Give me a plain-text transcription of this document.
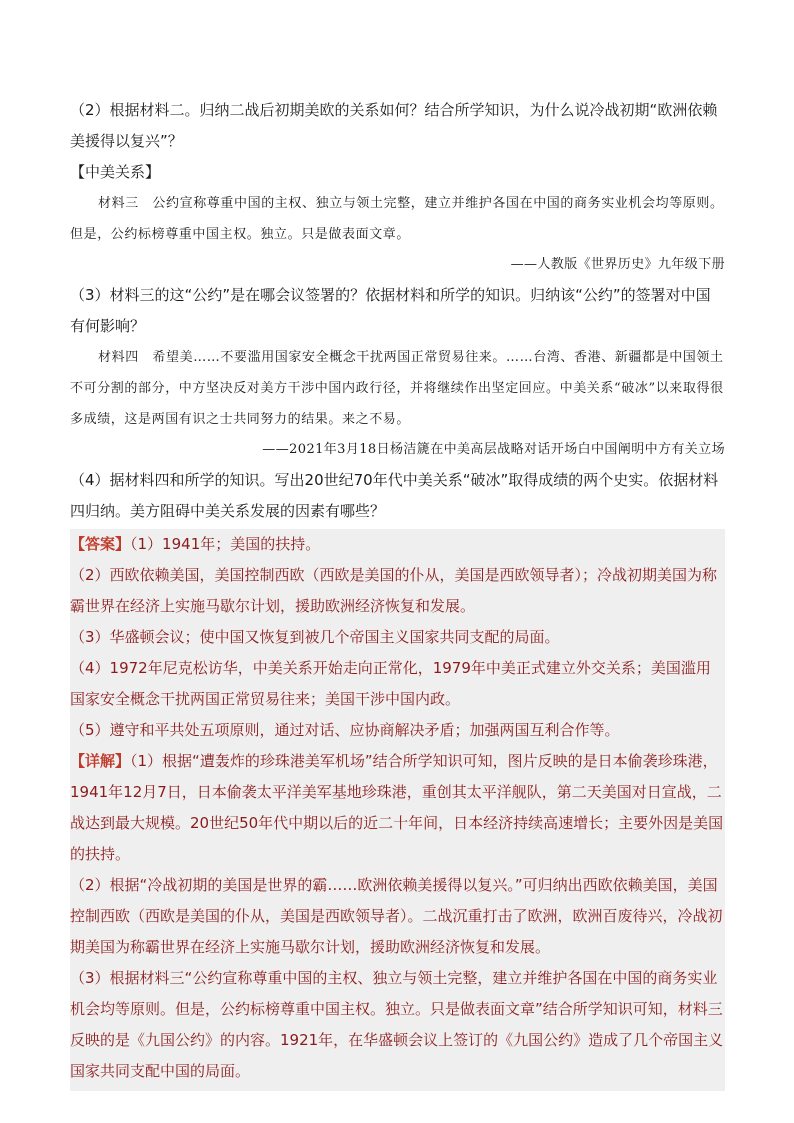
（2）根据材料二。归纳二战后初期美欧的关系如何？结合所学知识，为什么说冷战初期“欧洲依赖美援得以复兴”？

【中美关系】

材料三　公约宣称尊重中国的主权、独立与领土完整，建立并维护各国在中国的商务实业机会均等原则。但是，公约标榜尊重中国主权。独立。只是做表面文章。

——人教版《世界历史》九年级下册

（3）材料三的这“公约”是在哪会议签署的？依据材料和所学的知识。归纳该“公约”的签署对中国有何影响？

材料四　希望美……不要滥用国家安全概念干扰两国正常贸易往来。……台湾、香港、新疆都是中国领土不可分割的部分，中方坚决反对美方干涉中国内政行径，并将继续作出坚定回应。中美关系“破冰”以来取得很多成绩，这是两国有识之士共同努力的结果。来之不易。

——2021年3月18日杨洁篪在中美高层战略对话开场白中国阐明中方有关立场

（4）据材料四和所学的知识。写出20世纪70年代中美关系“破冰”取得成绩的两个史实。依据材料四归纳。美方阻碍中美关系发展的因素有哪些？

【答案】（1）1941年；美国的扶持。

（2）西欧依赖美国，美国控制西欧（西欧是美国的仆从，美国是西欧领导者）；冷战初期美国为称霸世界在经济上实施马歇尔计划，援助欧洲经济恢复和发展。

（3）华盛顿会议；使中国又恢复到被几个帝国主义国家共同支配的局面。

（4）1972年尼克松访华，中美关系开始走向正常化，1979年中美正式建立外交关系；美国滥用国家安全概念干扰两国正常贸易往来；美国干涉中国内政。

（5）遵守和平共处五项原则，通过对话、应协商解决矛盾；加强两国互利合作等。

【详解】（1）根据“遭轰炸的珍珠港美军机场”结合所学知识可知，图片反映的是日本偷袭珍珠港，1941年12月7日，日本偷袭太平洋美军基地珍珠港，重创其太平洋舰队，第二天美国对日宣战，二战达到最大规模。20世纪50年代中期以后的近二十年间，日本经济持续高速增长；主要外因是美国的扶持。

（2）根据“冷战初期的美国是世界的霸……欧洲依赖美援得以复兴。”可归纳出西欧依赖美国，美国控制西欧（西欧是美国的仆从，美国是西欧领导者）。二战沉重打击了欧洲，欧洲百废待兴，冷战初期美国为称霸世界在经济上实施马歇尔计划，援助欧洲经济恢复和发展。

（3）根据材料三“公约宣称尊重中国的主权、独立与领土完整，建立并维护各国在中国的商务实业机会均等原则。但是，公约标榜尊重中国主权。独立。只是做表面文章”结合所学知识可知，材料三反映的是《九国公约》的内容。1921年，在华盛顿会议上签订的《九国公约》造成了几个帝国主义国家共同支配中国的局面。
